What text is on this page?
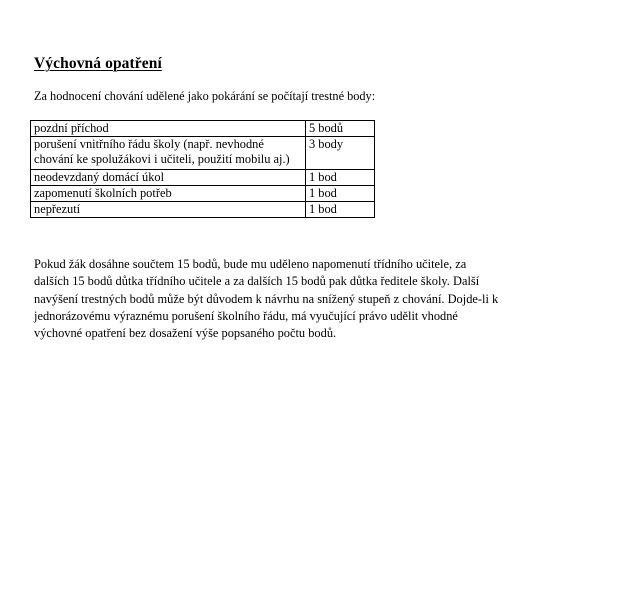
Výchovná opatření
Za hodnocení chování udělené jako pokárání se počítají trestné body:
pozdní příchod	5 bodů
porušení vnitřního řádu školy (např. nevhodné chování ke spolužákovi i učiteli, použití mobilu aj.)	3 body
neodevzdaný domácí úkol	1 bod
zapomenutí školních potřeb	1 bod
nepřezutí	1 bod
Pokud žák dosáhne součtem 15 bodů, bude mu uděleno napomenutí třídního učitele, za
dalších 15 bodů důtka třídního učitele a za dalších 15 bodů pak důtka ředitele školy. Další
navýšení trestných bodů může být důvodem k návrhu na snížený stupeň z chování. Dojde-li k
jednorázovému výraznému porušení školního řádu, má vyučující právo udělit vhodné
výchovné opatření bez dosažení výše popsaného počtu bodů.
